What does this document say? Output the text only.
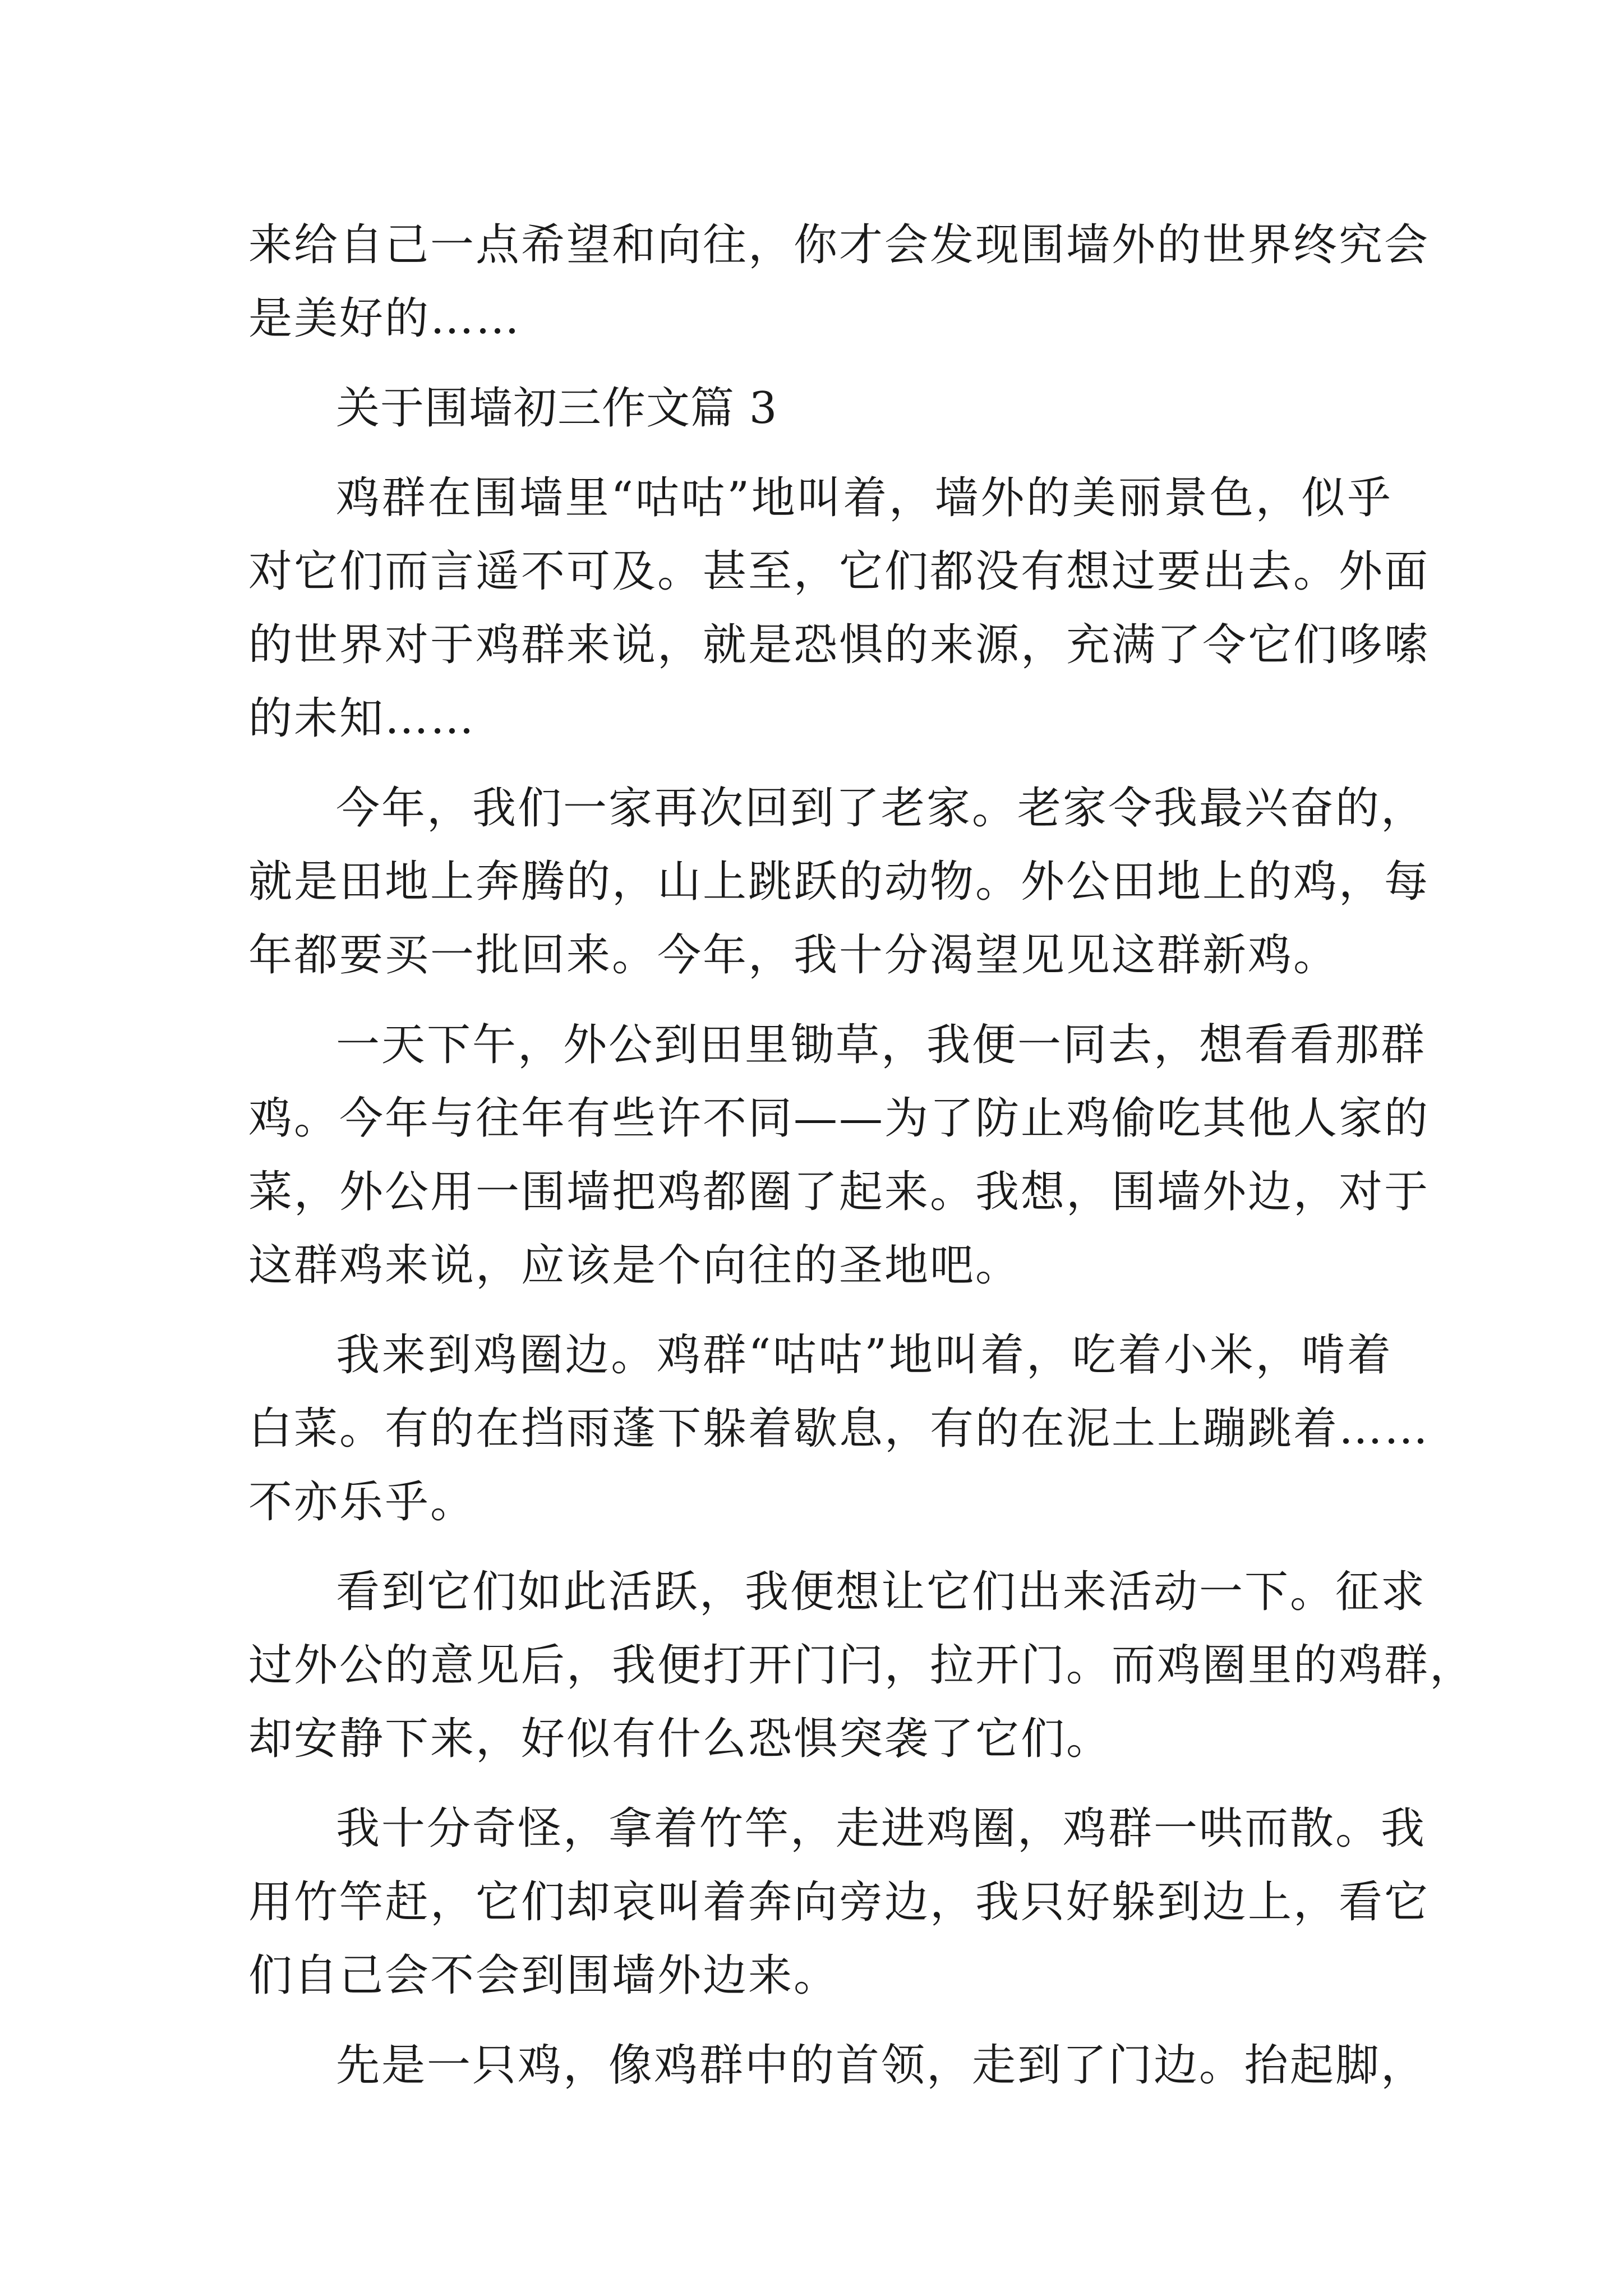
来给自己一点希望和向往，你才会发现围墙外的世界终究会
是美好的……
关于围墙初三作文篇 3
鸡群在围墙里“咕咕”地叫着，墙外的美丽景色，似乎
对它们而言遥不可及。甚至，它们都没有想过要出去。外面
的世界对于鸡群来说，就是恐惧的来源，充满了令它们哆嗦
的未知……
今年，我们一家再次回到了老家。老家令我最兴奋的，
就是田地上奔腾的，山上跳跃的动物。外公田地上的鸡，每
年都要买一批回来。今年，我十分渴望见见这群新鸡。
一天下午，外公到田里锄草，我便一同去，想看看那群
鸡。今年与往年有些许不同——为了防止鸡偷吃其他人家的
菜，外公用一围墙把鸡都圈了起来。我想，围墙外边，对于
这群鸡来说，应该是个向往的圣地吧。
我来到鸡圈边。鸡群“咕咕”地叫着，吃着小米，啃着
白菜。有的在挡雨蓬下躲着歇息，有的在泥土上蹦跳着……
不亦乐乎。
看到它们如此活跃，我便想让它们出来活动一下。征求
过外公的意见后，我便打开门闩，拉开门。而鸡圈里的鸡群，
却安静下来，好似有什么恐惧突袭了它们。
我十分奇怪，拿着竹竿，走进鸡圈，鸡群一哄而散。我
用竹竿赶，它们却哀叫着奔向旁边，我只好躲到边上，看它
们自己会不会到围墙外边来。
先是一只鸡，像鸡群中的首领，走到了门边。抬起脚，
